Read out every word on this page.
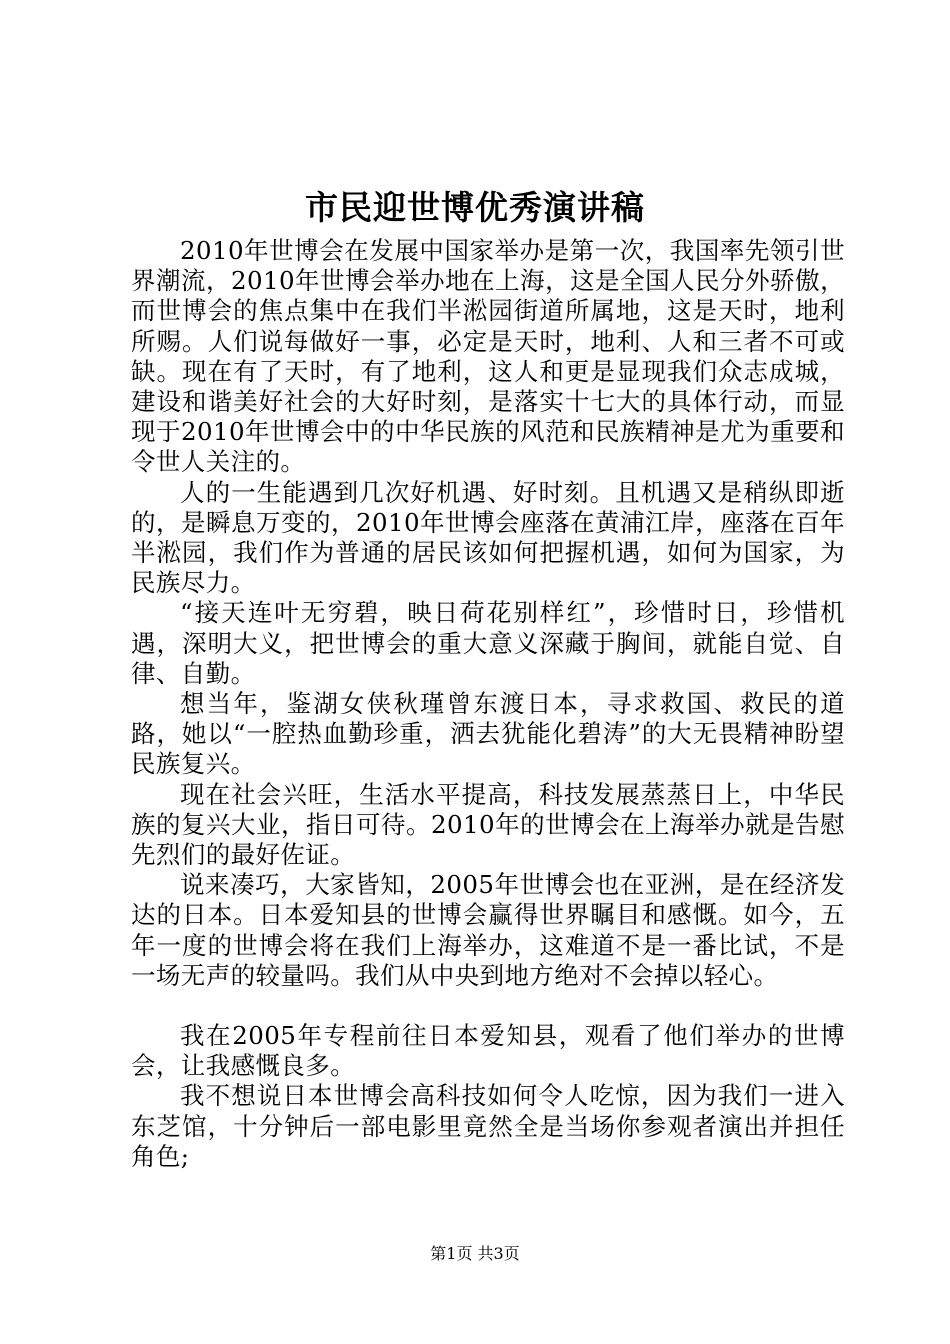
市民迎世博优秀演讲稿

2010年世博会在发展中国家举办是第一次，我国率先领引世界潮流，2010年世博会举办地在上海，这是全国人民分外骄傲，而世博会的焦点集中在我们半淞园街道所属地，这是天时，地利所赐。人们说每做好一事，必定是天时，地利、人和三者不可或缺。现在有了天时，有了地利，这人和更是显现我们众志成城，建设和谐美好社会的大好时刻，是落实十七大的具体行动，而显现于2010年世博会中的中华民族的风范和民族精神是尤为重要和令世人关注的。

人的一生能遇到几次好机遇、好时刻。且机遇又是稍纵即逝的，是瞬息万变的，2010年世博会座落在黄浦江岸，座落在百年半淞园，我们作为普通的居民该如何把握机遇，如何为国家，为民族尽力。

“接天连叶无穷碧，映日荷花别样红”，珍惜时日，珍惜机遇，深明大义，把世博会的重大意义深藏于胸间，就能自觉、自律、自勤。

想当年，鉴湖女侠秋瑾曾东渡日本，寻求救国、救民的道路，她以“一腔热血勤珍重，洒去犹能化碧涛”的大无畏精神盼望民族复兴。

现在社会兴旺，生活水平提高，科技发展蒸蒸日上，中华民族的复兴大业，指日可待。2010年的世博会在上海举办就是告慰先烈们的最好佐证。

说来凑巧，大家皆知，2005年世博会也在亚洲，是在经济发达的日本。日本爱知县的世博会赢得世界瞩目和感慨。如今，五年一度的世博会将在我们上海举办，这难道不是一番比试，不是一场无声的较量吗。我们从中央到地方绝对不会掉以轻心。

我在2005年专程前往日本爱知县，观看了他们举办的世博会，让我感慨良多。

我不想说日本世博会高科技如何令人吃惊，因为我们一进入东芝馆，十分钟后一部电影里竟然全是当场你参观者演出并担任角色;

第1页 共3页
